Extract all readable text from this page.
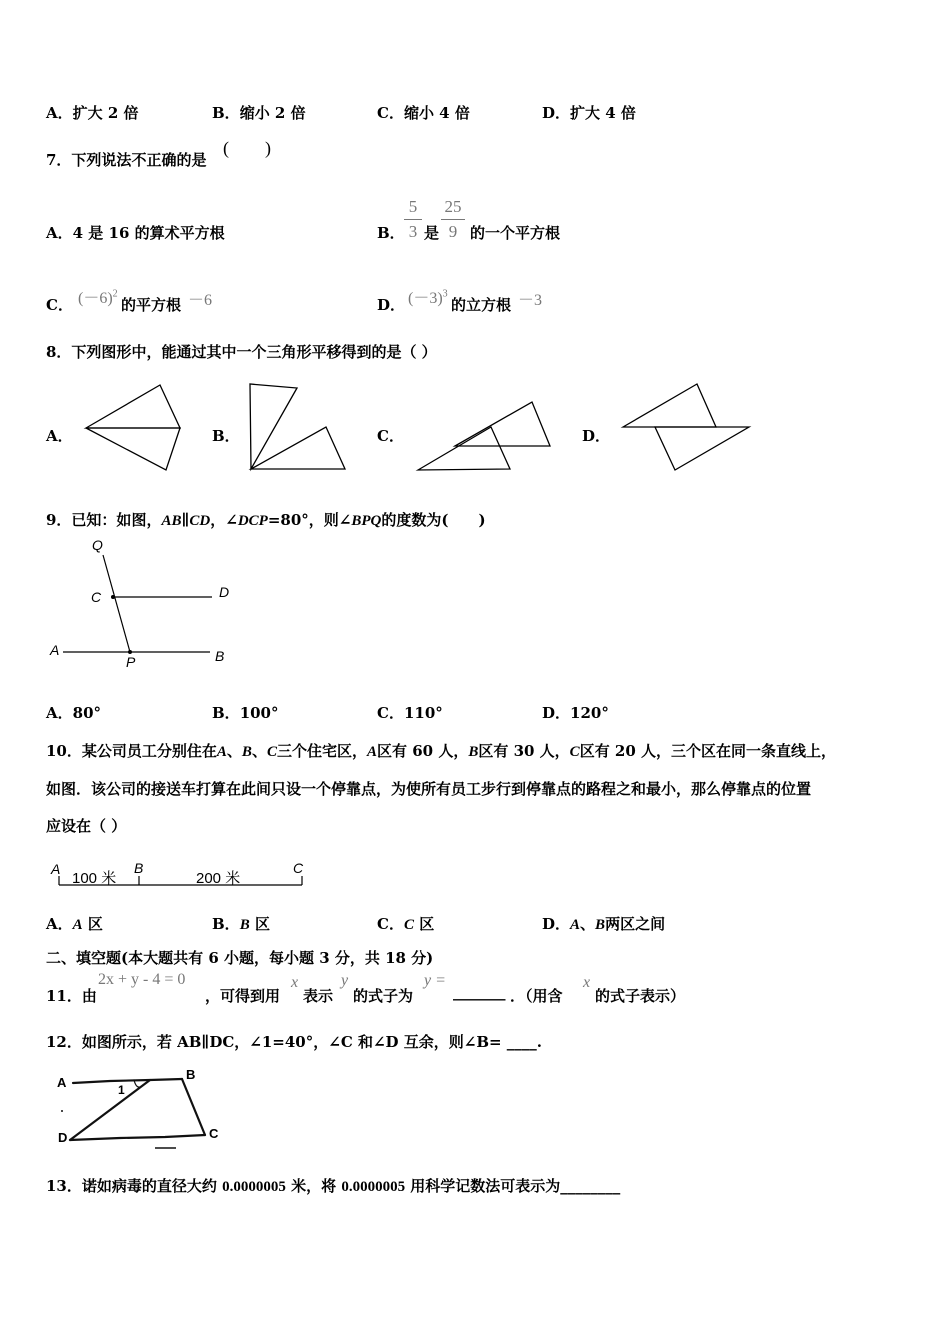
A．扩大 2 倍	B．缩小 2 倍	C．缩小 4 倍	D．扩大 4 倍
7．下列说法不正确的是
(　　)
A．4 是 16 的算术平方根	B．
5
3 是
25
9 的一个平方根
C． $(-6)^2$
的平方根 －6	D． $(-3)^3$
的立方根 －3
8．下列图形中，能通过其中一个三角形平移得到的是（ ）
A．	B．	C．	D．
9．已知：如图，AB∥CD，∠DCP=80°，则∠BPQ的度数为(　　)
Q
C	D
A
P	B
A．80°	B．100°	C．110°	D．120°
10．某公司员工分别住在A、B、C三个住宅区，A区有 60 人，B区有 30 人，C区有 20 人，三个区在同一条直线上，
如图．该公司的接送车打算在此间只设一个停靠点，为使所有员工步行到停靠点的路程之和最小，那么停靠点的位置
应设在（ ）
A
100 米
B
200 米
C
A．A 区	B．B 区	C．C 区	D．A、B两区之间
二、填空题(本大题共有 6 小题，每小题 3 分，共 18 分)
11．由
2x + y - 4 = 0
，可得到用
x
表示
y
的式子为
y =
_______ ．（用含
x
的式子表示）
12．如图所示，若 AB∥DC，∠1=40°，∠C 和∠D 互余，则∠B= ____.
A
B
C
D
1
13．诺如病毒的直径大约 0.0000005 米，将 0.0000005 用科学记数法可表示为________
